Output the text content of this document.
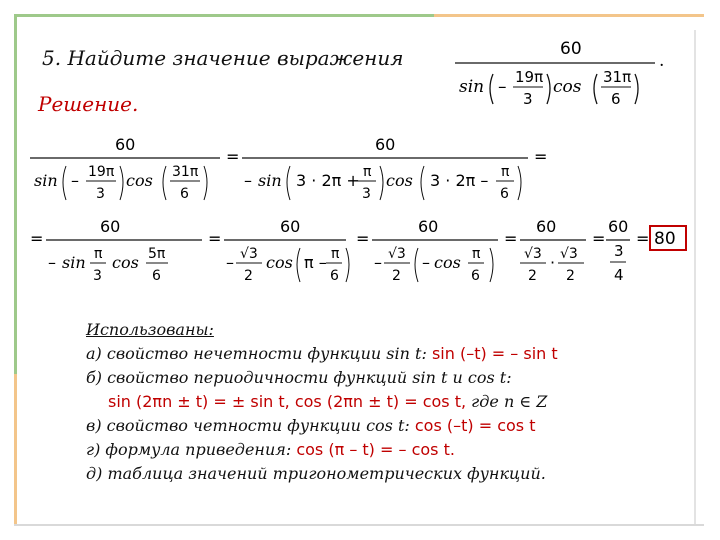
5. Найдите значение выражения	60
sin – 19π
3
cos 31π
6
.
Решение.
60
sin – 19π
3
cos 31π
6
=
60
– sin 3 · 2π + π
3
cos 3 · 2π – π
6
=
=
60
– sin π
3
cos 5π
6
=
60
– √3
2
cos π – π
6
=
60
– √3
2
– cos π
6
=
60
√3
2
· √3
2
=
60
3
4
= 80
Использованы:
а) свойство нечетности функции sin t: sin (–t) = – sin t
б) свойство периодичности функций sin t и cos t:
sin (2πn ± t) = ± sin t, cos (2πn ± t) = cos t, где n ∈ Z
в) свойство четности функции cos t: cos (–t) = cos t
г) формула приведения: cos (π – t) = – cos t.
д) таблица значений тригонометрических функций.
